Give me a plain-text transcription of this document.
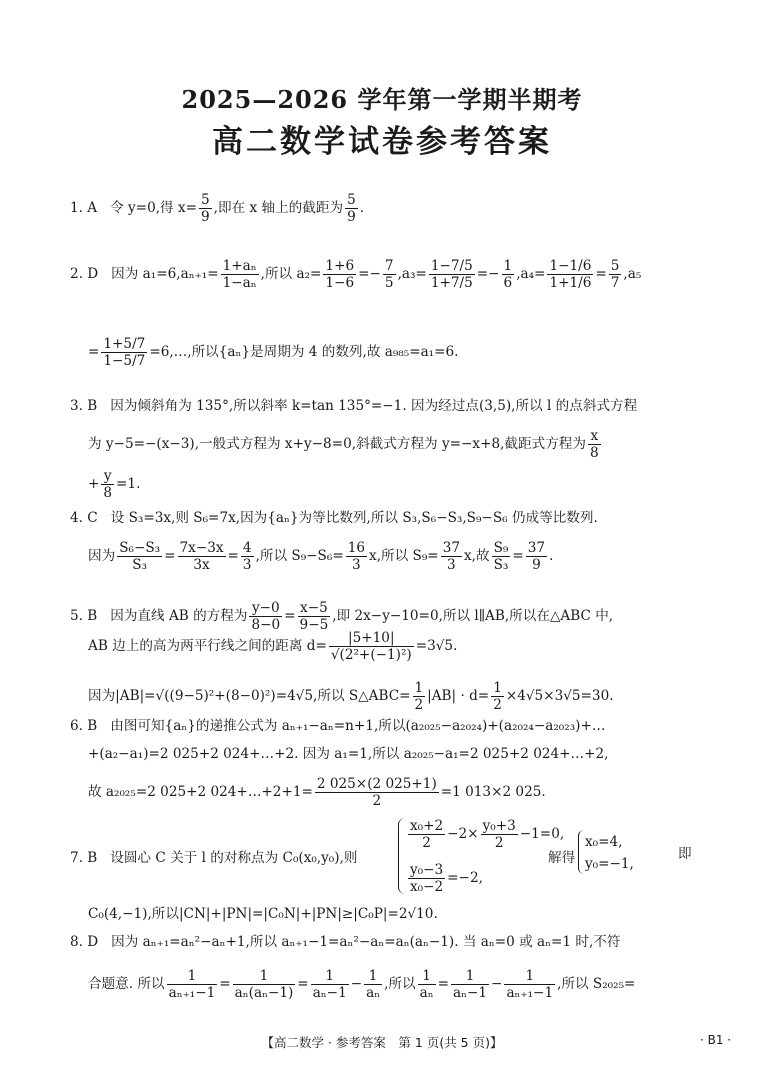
2025—2026 学年第一学期半期考
高二数学试卷参考答案
1. A 令 y=0,得 $x= \frac{5}{9}$ ,即在 x 轴上的截距为 $\frac{5}{9}$ .
2. D 因为 $a_1=6,a_{n+1}= \frac{\text{1+aₙ}}{\text{1−aₙ}}$ ,所以 $a_2= \frac{1+6}{1-6} =- \frac{7}{5} ,a_3= \frac{1-7/5}{1+7/5} =- \frac{1}{6} ,a_4= \frac{1-1/6}{1+1/6} = \frac{5}{7} ,a_5$
= $\frac{1+5/7}{1-5/7}$ =6,…,所以{aₙ}是周期为 4 的数列,故 a₉₈₅=a₁=6.
3. B 因为倾斜角为 135°,所以斜率 k=tan 135°=−1. 因为经过点(3,5),所以 l 的点斜式方程
为 y−5=−(x−3),一般式方程为 x+y−8=0,斜截式方程为 y=−x+8,截距式方程为 $\frac{x}{8}$
+ $\frac{y}{8} =1$.
4. C 设 S₃=3x,则 S₆=7x,因为{aₙ}为等比数列,所以 S₃,S₆−S₃,S₉−S₆ 仍成等比数列.
因为 $\frac{\text{S₆−S₃}}{\text{S₃}} = \frac{7x-3x}{3x} = \frac{4}{3}$ ,所以 $S_9-S_6= \frac{16}{3} x$,所以 $S_9= \frac{37}{3} x$,故 $\frac{\text{S₉}}{\text{S₃}} = \frac{37}{9}$ .
5. B 因为直线 AB 的方程为 $\frac{y-0}{8-0} = \frac{x-5}{9-5}$ ,即 2x−y−10=0,所以 l∥AB,所以在△ABC 中,
AB 边上的高为两平行线之间的距离 $d= \frac{|5+10|}{\text{√(2²+(−1)²)}} =3√5$.
因为|AB|=√((9−5)²+(8−0)²)=4√5,所以 S△ABC= $\frac{1}{2} |AB| \cdot d= \frac{1}{2} \times 4√5\times 3√5=30$.
6. B 由图可知{aₙ}的递推公式为 aₙ₊₁−aₙ=n+1,所以(a₂₀₂₅−a₂₀₂₄)+(a₂₀₂₄−a₂₀₂₃)+…
+(a₂−a₁)=2 025+2 024+…+2. 因为 a₁=1,所以 a₂₀₂₅−a₁=2 025+2 024+…+2,
故 a₂₀₂₅=2 025+2 024+…+2+1= $\frac{2 025\times(2 025+1)}{2} =1$ 013×2 025.
7. B 设圆心 C 关于 l 的对称点为 C₀(x₀,y₀),则
$\frac{\text{x₀+2}}{2} -2\times \frac{\text{y₀+3}}{2} -1=0$,
$\frac{\text{y₀−3}}{\text{x₀−2}} =-2$,
解得
x₀=4,
y₀=−1,
即
C₀(4,−1),所以|CN|+|PN|=|C₀N|+|PN|≥|C₀P|=2√10.
8. D 因为 aₙ₊₁=aₙ²−aₙ+1,所以 aₙ₊₁−1=aₙ²−aₙ=aₙ(aₙ−1). 当 aₙ=0 或 aₙ=1 时,不符
合题意. 所以 $\frac{1}{\text{aₙ₊₁−1}} = \frac{1}{\text{aₙ(aₙ−1)}} = \frac{1}{\text{aₙ−1}} - \frac{1}{\text{aₙ}}$ ,所以 $\frac{1}{\text{aₙ}} = \frac{1}{\text{aₙ−1}} - \frac{1}{\text{aₙ₊₁−1}}$ ,所以 S₂₀₂₅=
【高二数学 · 参考答案　第 1 页(共 5 页)】	· B1 ·
